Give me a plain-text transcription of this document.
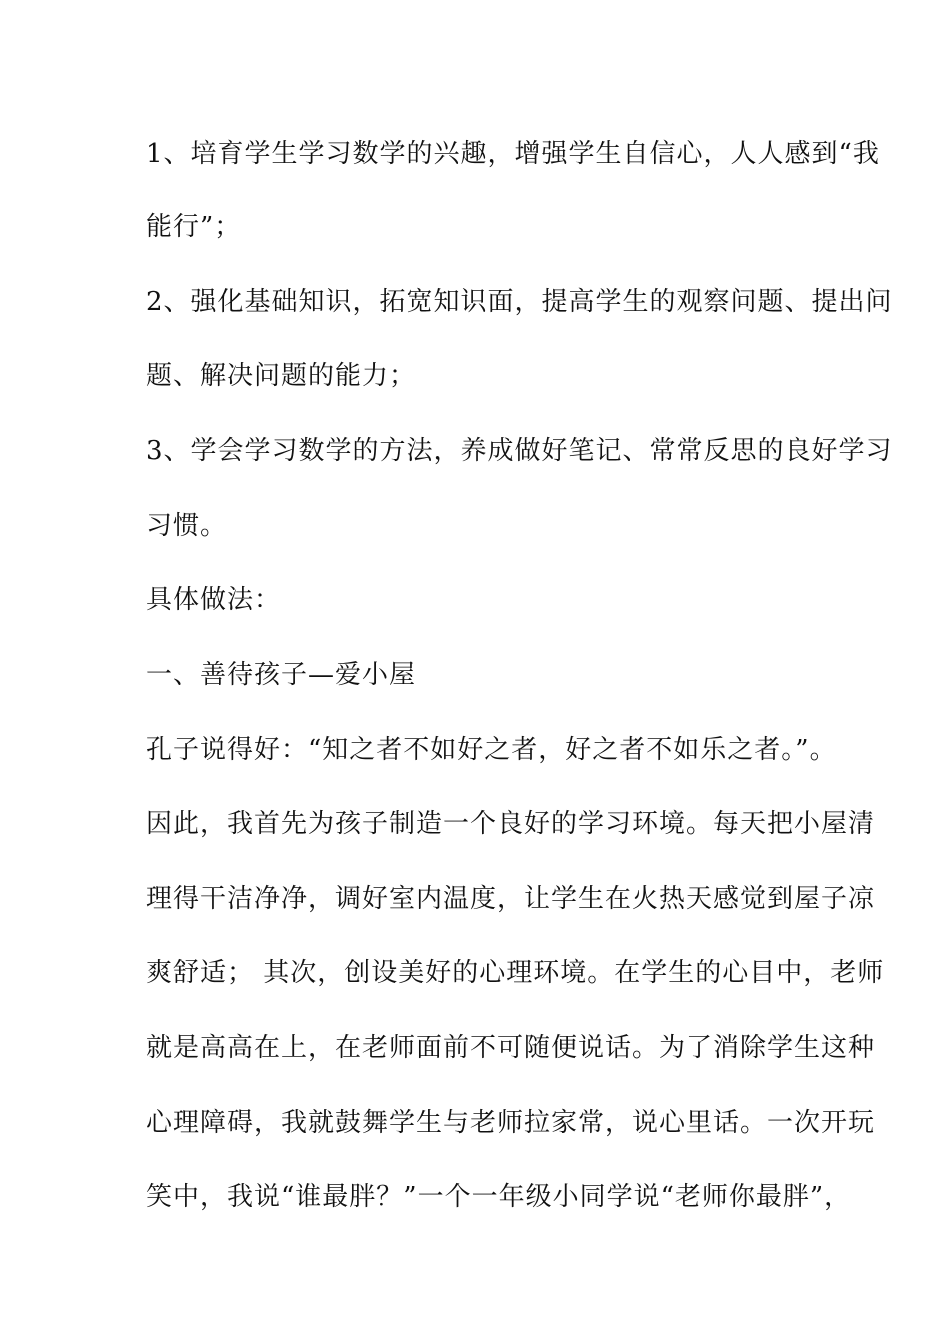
1、培育学生学习数学的兴趣，增强学生自信心，人人感到“我
能行”；
2、强化基础知识，拓宽知识面，提高学生的观察问题、提出问
题、解决问题的能力；
3、学会学习数学的方法，养成做好笔记、常常反思的良好学习
习惯。
具体做法：
一、善待孩子—爱小屋
孔子说得好：“知之者不如好之者，好之者不如乐之者。”。
因此，我首先为孩子制造一个良好的学习环境。每天把小屋清
理得干洁净净，调好室内温度，让学生在火热天感觉到屋子凉
爽舒适； 其次，创设美好的心理环境。在学生的心目中，老师
就是高高在上，在老师面前不可随便说话。为了消除学生这种
心理障碍，我就鼓舞学生与老师拉家常，说心里话。一次开玩
笑中，我说“谁最胖？”一个一年级小同学说“老师你最胖”，
